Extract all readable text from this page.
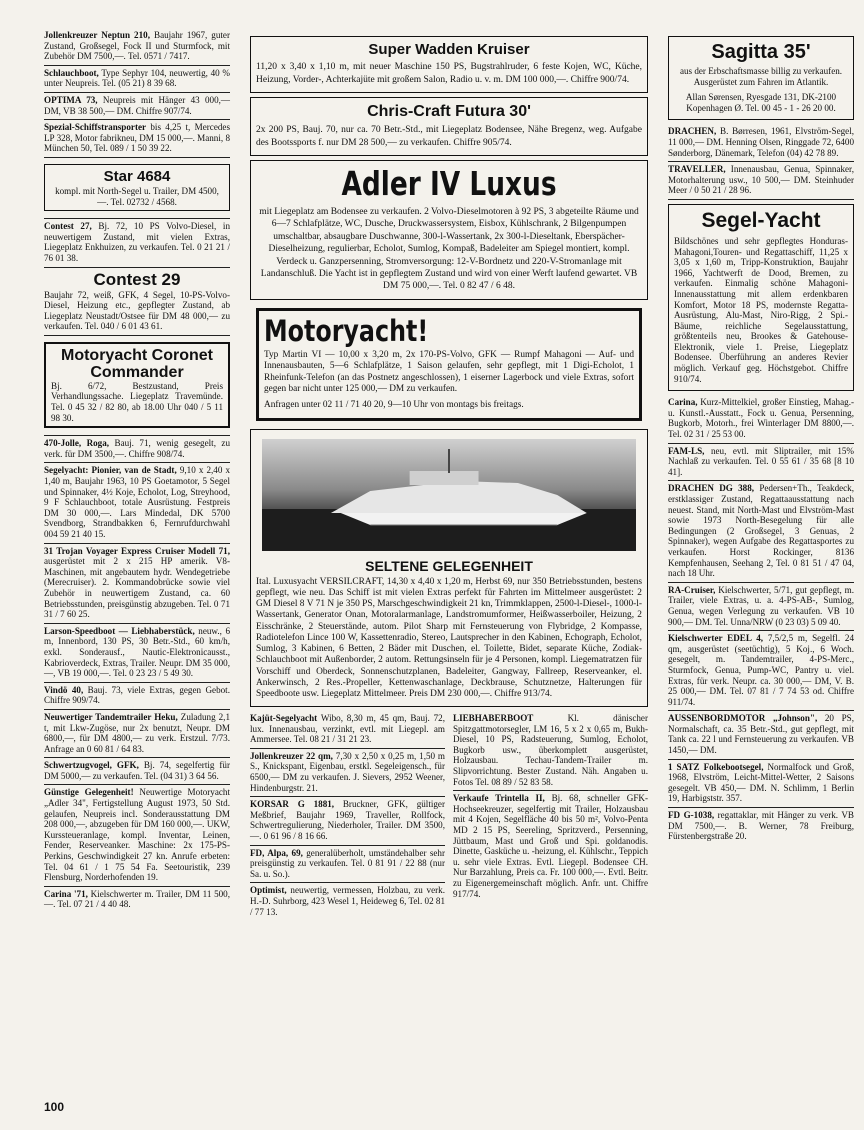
Jollenkreuzer Neptun 210, Baujahr 1967, guter Zustand, Großsegel, Fock II und Sturmfock, mit Zubehör DM 7500,—. Tel. 0571 / 7417.
Schlauchboot, Type Sephyr 104, neuwertig, 40 % unter Neupreis. Tel. (05 21) 8 39 68.
OPTIMA 73, Neupreis mit Hänger 43 000,— DM, VB 38 500,— DM. Chiffre 907/74.
Spezial-Schiffstransporter bis 4,25 t, Mercedes LP 328, Motor fabrikneu, DM 15 000,—. Manni, 8 München 50, Tel. 089 / 1 50 39 22.
Star 4684
kompl. mit North-Segel u. Trailer, DM 4500,—. Tel. 02732 / 4568.
Contest 27, Bj. 72, 10 PS Volvo-Diesel, in neuwertigem Zustand, mit vielen Extras, Liegeplatz Enkhuizen, zu verkaufen. Tel. 0 21 21 / 76 01 38.
Contest 29
Baujahr 72, weiß, GFK, 4 Segel, 10-PS-Volvo-Diesel, Heizung etc., gepflegter Zustand, ab Liegeplatz Neustadt/Ostsee für DM 48 000,— zu verkaufen. Tel. 040 / 6 01 43 61.
Motoryacht Coronet Commander
Bj. 6/72, Bestzustand, Preis Verhandlungssache. Liegeplatz Travemünde. Tel. 0 45 32 / 82 80, ab 18.00 Uhr 040 / 5 11 98 30.
470-Jolle, Roga, Bauj. 71, wenig gesegelt, zu verk. für DM 3500,—. Chiffre 908/74.
Segelyacht: Pionier, van de Stadt, 9,10 x 2,40 x 1,40 m, Baujahr 1963, 10 PS Goetamotor, 5 Segel und Spinnaker, 4½ Koje, Echolot, Log, Streyhood, 9 F Schlauchboot, totale Ausrüstung. Festpreis DM 30 000,—. Lars Mindedal, DK 5700 Svendborg, Strandbakken 6, Fernrufdurchwahl 004 59 21 40 15.
31 Trojan Voyager Express Cruiser Modell 71, ausgerüstet mit 2 x 215 HP amerik. V8-Maschinen, mit angebautem hydr. Wendegetriebe (Merecruiser). 2. Kommandobrücke sowie viel Zubehör in neuwertigem Zustand, ca. 60 Betriebsstunden, preisgünstig abzugeben. Tel. 0 71 31 / 7 60 25.
Larson-Speedboot — Liebhaberstück, neuw., 6 m, Innenbord, 130 PS, 30 Betr.-Std., 60 km/h, exkl. Sonderausf., Nautic-Elektronicausst., Kabrioverdeck, Extras, Trailer. Neupr. DM 35 000,—, VB 19 000,—. Tel. 0 23 23 / 5 49 30.
Vindö 40, Bauj. 73, viele Extras, gegen Gebot. Chiffre 909/74.
Neuwertiger Tandemtrailer Heku, Zuladung 2,1 t, mit Lkw-Zugöse, nur 2x benutzt, Neupr. DM 6800,—, für DM 4800,— zu verk. Erstzul. 7/73. Anfrage an 0 60 81 / 64 83.
Schwertzugvogel, GFK, Bj. 74, segelfertig für DM 5000,— zu verkaufen. Tel. (04 31) 3 64 56.
Günstige Gelegenheit! Neuwertige Motoryacht „Adler 34", Fertigstellung August 1973, 50 Std. gelaufen, Neupreis incl. Sonderausstattung DM 208 000,—, abzugeben für DM 160 000,—. UKW, Kurssteueranlage, kompl. Inventar, Leinen, Fender, Reserveanker. Maschine: 2x 175-PS-Perkins, Geschwindigkeit 27 kn. Anrufe erbeten: Tel. 04 61 / 1 75 54 Fa. Seetouristik, 239 Flensburg, Norderhofenden 19.
Carina '71, Kielschwerter m. Trailer, DM 11 500,—. Tel. 07 21 / 4 40 48.
Super Wadden Kruiser
11,20 x 3,40 x 1,10 m, mit neuer Maschine 150 PS, Bugstrahlruder, 6 feste Kojen, WC, Küche, Heizung, Vorder-, Achterkajüte mit großem Salon, Radio u. v. m. DM 100 000,—. Chiffre 900/74.
Chris-Craft Futura 30'
2x 200 PS, Bauj. 70, nur ca. 70 Betr.-Std., mit Liegeplatz Bodensee, Nähe Bregenz, weg. Aufgabe des Bootssports f. nur DM 28 500,— zu verkaufen. Chiffre 905/74.
Adler IV Luxus
mit Liegeplatz am Bodensee zu verkaufen. 2 Volvo-Dieselmotoren à 92 PS, 3 abgeteilte Räume und 6—7 Schlafplätze, WC, Dusche, Druckwassersystem, Eisbox, Kühlschrank, 2 Bilgenpumpen umschaltbar, absaugbare Duschwanne, 300-l-Wassertank, 2x 300-l-Dieseltank, Eberspächer-Dieselheizung, regulierbar, Echolot, Sumlog, Kompaß, Badeleiter am Spiegel montiert, kompl. Verdeck u. Ganzpersenning, Stromversorgung: 12-V-Bordnetz und 220-V-Stromanlage mit Landanschluß. Die Yacht ist in gepflegtem Zustand und wird von einer Werft laufend gewartet. VB DM 75 000,—. Tel. 0 82 47 / 6 48.
Motoryacht!
Typ Martin VI — 10,00 x 3,20 m, 2x 170-PS-Volvo, GFK — Rumpf Mahagoni — Auf- und Innenausbauten, 5—6 Schlafplätze, 1 Saison gelaufen, sehr gepflegt, mit 1 Digi-Echolot, 1 Rheinfunk-Telefon (an das Postnetz angeschlossen), 1 eiserner Lagerbock und viele Extras, sofort gegen bar nicht unter 125 000,— DM zu verkaufen.
Anfragen unter 02 11 / 71 40 20, 9—10 Uhr von montags bis freitags.
SELTENE GELEGENHEIT
Ital. Luxusyacht VERSILCRAFT, 14,30 x 4,40 x 1,20 m, Herbst 69, nur 350 Betriebsstunden, bestens gepflegt, wie neu. Das Schiff ist mit vielen Extras perfekt für Fahrten im Mittelmeer ausgerüstet: 2 GM Diesel 8 V 71 N je 350 PS, Marschgeschwindigkeit 21 kn, Trimmklappen, 2500-l-Diesel-, 1000-l-Wassertank, Generator Onan, Motoralarmanlage, Landstromumformer, Heißwasserboiler, Heizung, 2 Eisschränke, 2 Steuerstände, autom. Pilot Sharp mit Fernsteuerung von Flybridge, 2 Kompasse, Radiotelefon Lince 100 W, Kassettenradio, Stereo, Lautsprecher in den Kabinen, Echograph, Echolot, Sumlog, 3 Kabinen, 6 Betten, 2 Bäder mit Duschen, el. Toilette, Bidet, separate Küche, Zodiak-Schlauchboot mit Außenborder, 2 autom. Rettungsinseln für je 4 Personen, kompl. Liegematratzen für Vorschiff und Oberdeck, Sonnenschutzplanen, Badeleiter, Gangway, Fallreep, Reserveanker, el. Ankerwinsch, 2 Res.-Propeller, Kettenwaschanlage, Deckbrause, Schutznetze, Halterungen für Speedboote usw. Liegeplatz Mittelmeer. Preis DM 230 000,—. Chiffre 913/74.
Kajüt-Segelyacht Wibo, 8,30 m, 45 qm, Bauj. 72, lux. Innenausbau, verzinkt, evtl. mit Liegepl. am Ammersee. Tel. 08 21 / 31 21 23.
Jollenkreuzer 22 qm, 7,30 x 2,50 x 0,25 m, 1,50 m S., Knickspant, Eigenbau, erstkl. Segeleigensch., für 6500,— DM zu verkaufen. J. Sievers, 2952 Weener, Hindenburgstr. 21.
KORSAR G 1881, Bruckner, GFK, gültiger Meßbrief, Baujahr 1969, Traveller, Rollfock, Schwertregulierung, Niederholer, Trailer. DM 3500,—. 0 61 96 / 8 16 66.
FD, Alpa, 69, generalüberholt, umständehalber sehr preisgünstig zu verkaufen. Tel. 0 81 91 / 22 88 (nur Sa. u. So.).
Optimist, neuwertig, vermessen, Holzbau, zu verk. H.-D. Suhrborg, 423 Wesel 1, Heideweg 6, Tel. 02 81 / 77 13.
LIEBHABERBOOT Kl. dänischer Spitzgattmotorsegler, LM 16, 5 x 2 x 0,65 m, Bukh-Diesel, 10 PS, Radsteuerung, Sumlog, Echolot, Bugkorb usw., überkomplett ausgerüstet, Holzausbau. Techau-Tandem-Trailer m. Slipvorrichtung. Bester Zustand. Näh. Angaben u. Fotos Tel. 08 89 / 52 83 58.
Verkaufe Trintella II, Bj. 68, schneller GFK-Hochseekreuzer, segelfertig mit Trailer, Holzausbau mit 4 Kojen, Segelfläche 40 bis 50 m², Volvo-Penta MD 2 15 PS, Seereling, Spritzverd., Persenning, Jüttbaum, Mast und Groß und Spi. goldanodis. Dinette, Gasküche u. -heizung, el. Kühlschr., Teppich u. sehr viele Extras. Evtl. Liegepl. Bodensee CH. Nur Barzahlung, Preis ca. Fr. 100 000,—. Evtl. Beitr. zu Eigenergemeinschaft möglich. Anfr. unt. Chiffre 917/74.
Sagitta 35'
aus der Erbschaftsmasse billig zu verkaufen. Ausgerüstet zum Fahren im Atlantik.
Allan Sørensen, Ryesgade 131, DK-2100 Kopenhagen Ø. Tel. 00 45 - 1 - 26 20 00.
DRACHEN, B. Børresen, 1961, Elvström-Segel, 11 000,— DM. Henning Olsen, Ringgade 72, 6400 Sønderborg, Dänemark, Telefon (04) 42 78 89.
TRAVELLER, Innenausbau, Genua, Spinnaker, Motorhalterung usw., 10 500,— DM. Steinhuder Meer / 0 50 21 / 28 96.
Segel-Yacht
Bildschönes und sehr gepflegtes Honduras-Mahagoni,Touren- und Regattaschiff, 11,25 x 3,05 x 1,60 m, Tripp-Konstruktion, Baujahr 1966, Yachtwerft de Dood, Bremen, zu verkaufen. Einmalig schöne Mahagoni-Innenausstattung mit allem erdenkbaren Komfort, Motor 18 PS, modernste Regatta-Ausrüstung, Alu-Mast, Niro-Rigg, 2 Spi.-Bäume, reichliche Segelausstattung, größtenteils neu, Brookes & Gatehouse-Elektronik, viele 1. Preise, Liegeplatz Bodensee. Überführung an anderes Revier möglich. Verkauf geg. Höchstgebot. Chiffre 910/74.
Carina, Kurz-Mittelkiel, großer Einstieg, Mahag.- u. Kunstl.-Ausstatt., Fock u. Genua, Persenning, Bugkorb, Motorh., frei Winterlager DM 8800,—. Tel. 02 31 / 25 53 00.
FAM-LS, neu, evtl. mit Sliptrailer, mit 15% Nachlaß zu verkaufen. Tel. 0 55 61 / 35 68 [8 10 41].
DRACHEN DG 388, Pedersen+Th., Teakdeck, erstklassiger Zustand, Regattaausstattung nach neuest. Stand, mit North-Mast und Elvström-Mast sowie 1973 North-Besegelung für alle Bedingungen (2 Großsegel, 3 Genuas, 2 Spinnaker), wegen Aufgabe des Regattasportes zu verkaufen. Horst Rockinger, 8136 Kempfenhausen, Seehang 2, Tel. 0 81 51 / 47 04, nach 18 Uhr.
RA-Cruiser, Kielschwerter, 5/71, gut gepflegt, m. Trailer, viele Extras, u. a. 4-PS-AB-, Sumlog, Genua, wegen Verlegung zu verkaufen. VB 10 900,— DM. Tel. Unna/NRW (0 23 03) 5 09 40.
Kielschwerter EDEL 4, 7,5/2,5 m, Segelfl. 24 qm, ausgerüstet (seetüchtig), 5 Koj., 6 Woch. gesegelt, m. Tandemtrailer, 4-PS-Merc., Sturmfock, Genua, Pump-WC, Pantry u. viel. Extras, für verk. Neupr. ca. 30 000,— DM, V. B. 25 000,— DM. Tel. 07 81 / 7 74 53 od. Chiffre 911/74.
AUSSENBORDMOTOR „Johnson", 20 PS, Normalschaft, ca. 35 Betr.-Std., gut gepflegt, mit Tank ca. 22 l und Fernsteuerung zu verkaufen. VB 1450,— DM.
1 SATZ Folkebootsegel, Normalfock und Groß, 1968, Elvström, Leicht-Mittel-Wetter, 2 Saisons gesegelt. VB 450,— DM. N. Schlimm, 1 Berlin 19, Harbigststr. 357.
FD G-1038, regattaklar, mit Hänger zu verk. VB DM 7500,—. B. Werner, 78 Freiburg, Fürstenbergstraße 20.
100
